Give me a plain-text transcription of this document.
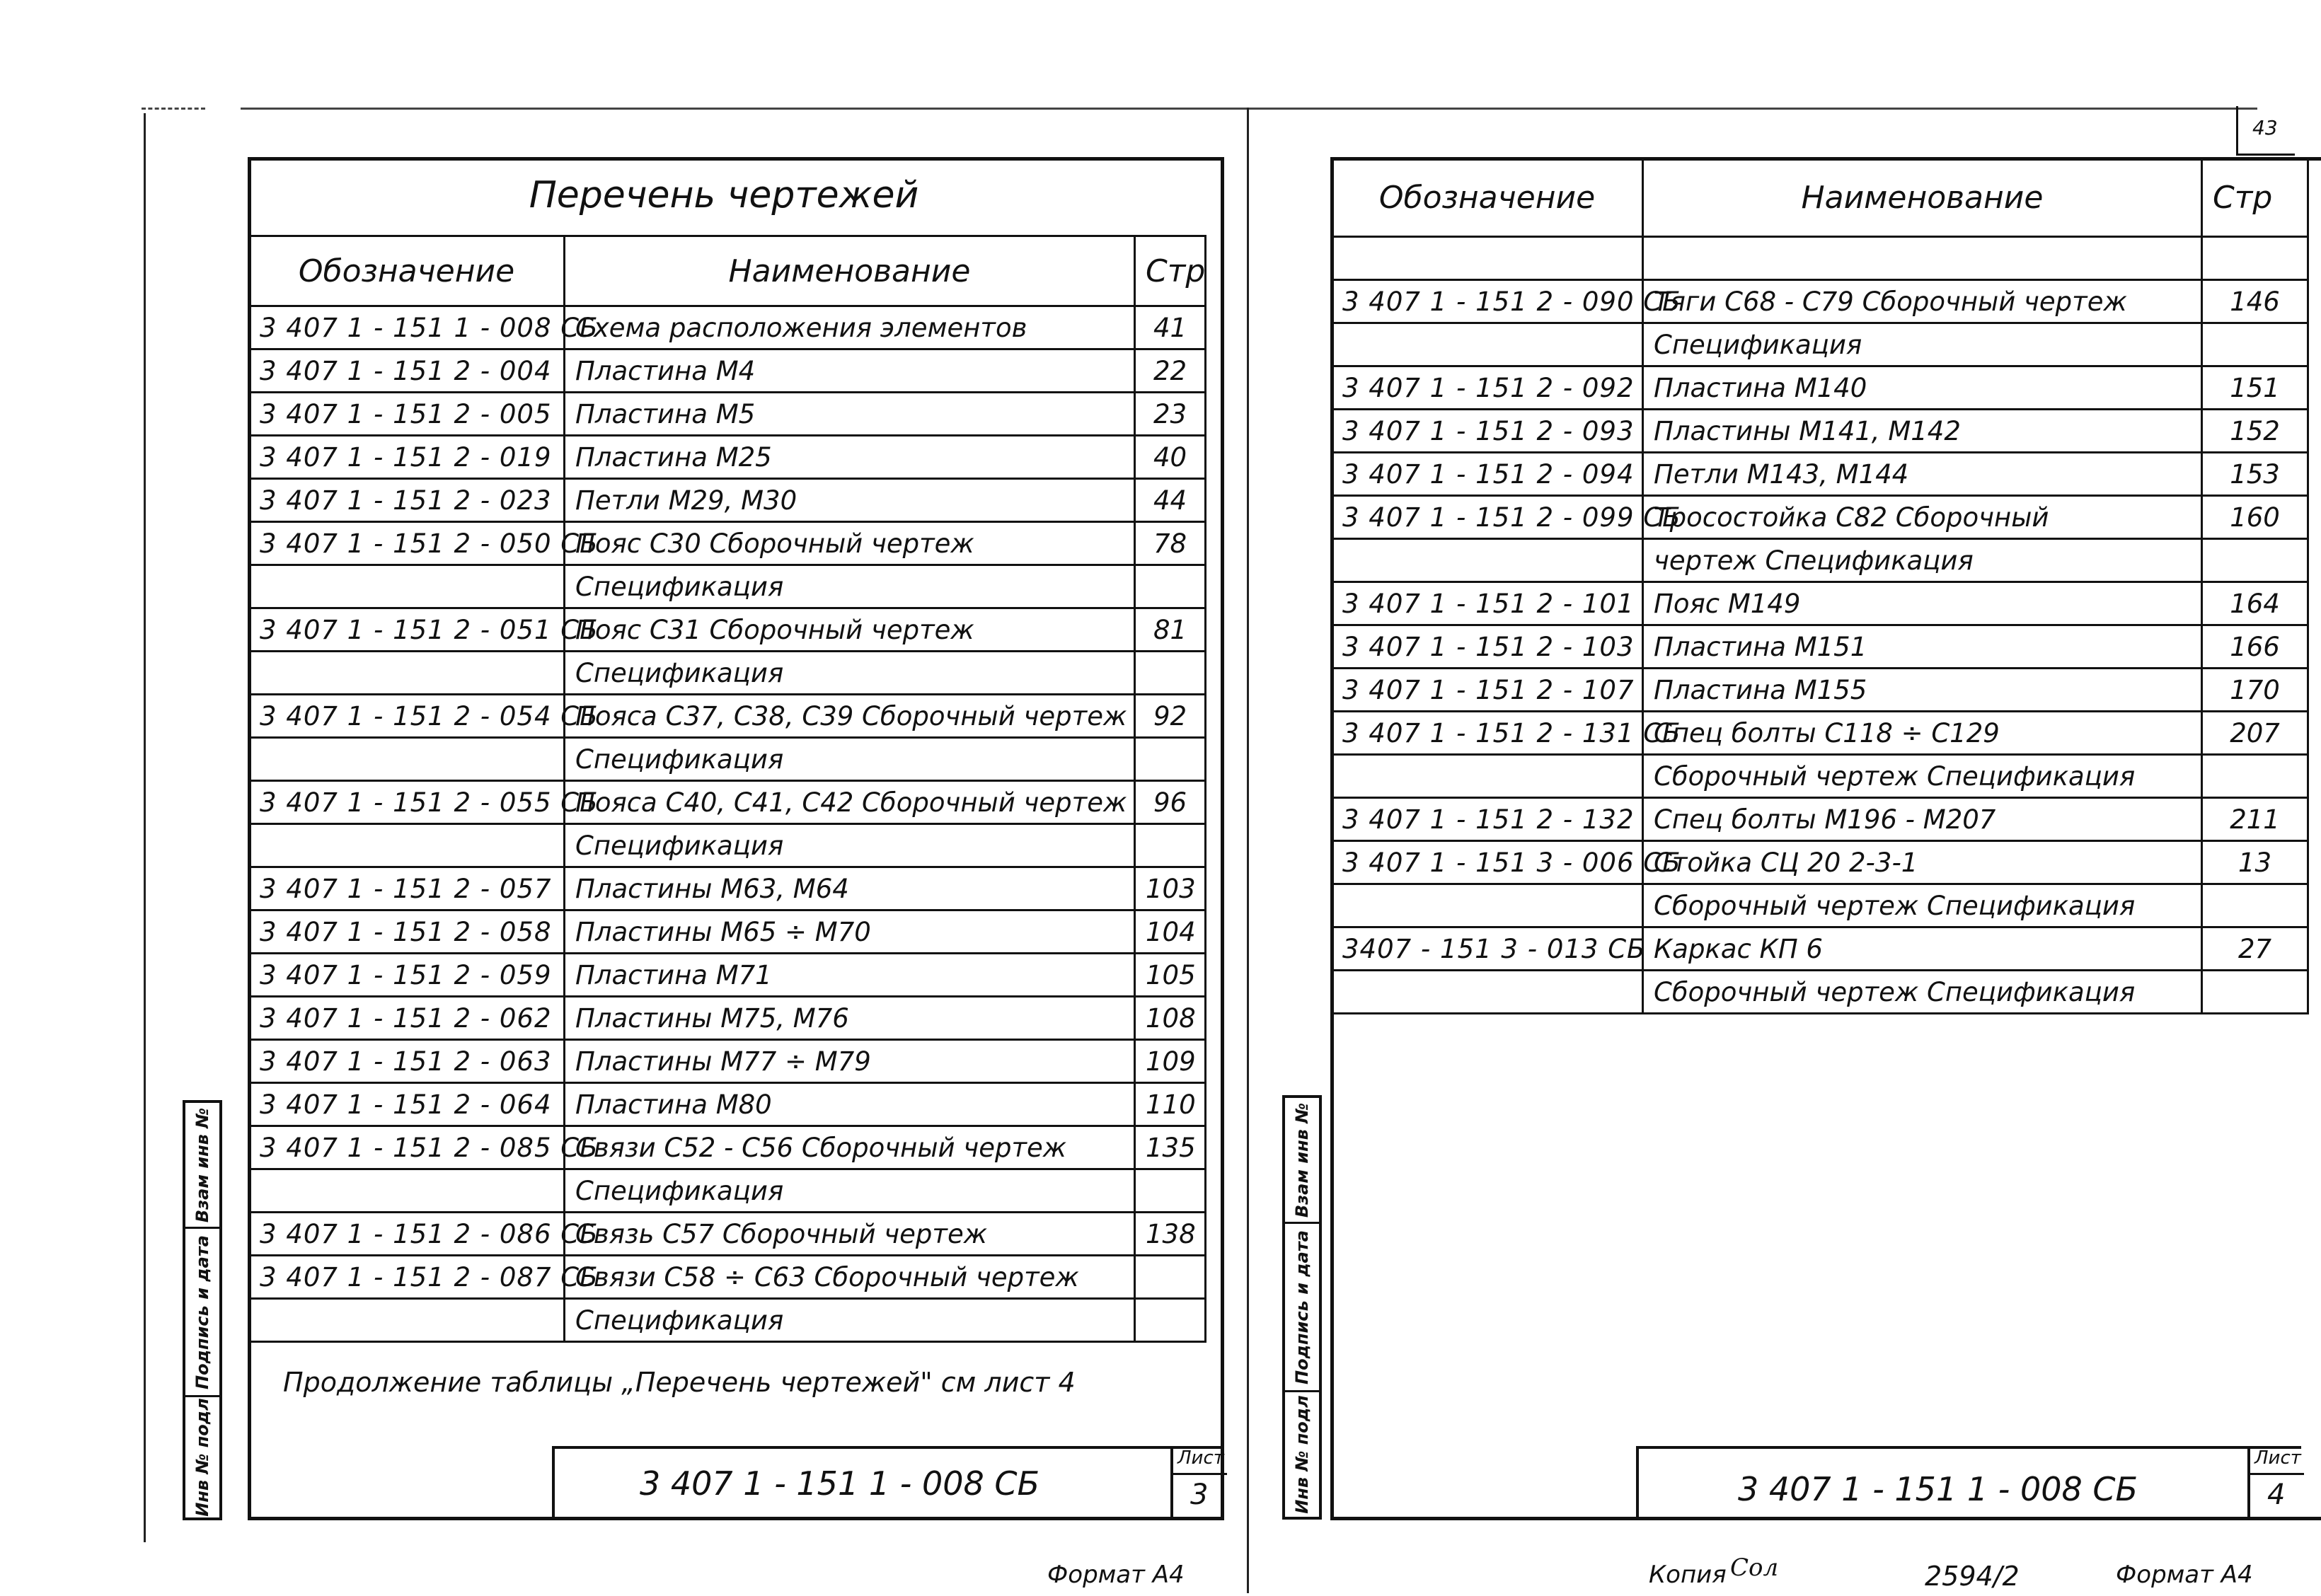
Перечень чертежей
Обозначение	Наименование	Стр
3 407 1 - 151 1 - 008 СБ	Схема расположения элементов	41
3 407 1 - 151 2 - 004	Пластина М4	22
3 407 1 - 151 2 - 005	Пластина М5	23
3 407 1 - 151 2 - 019	Пластина М25	40
3 407 1 - 151 2 - 023	Петли М29, М30	44
3 407 1 - 151 2 - 050 СБ	Пояс С30 Сборочный чертеж	78
	Спецификация	
3 407 1 - 151 2 - 051 СБ	Пояс С31 Сборочный чертеж	81
	Спецификация	
3 407 1 - 151 2 - 054 СБ	Пояса С37, С38, С39 Сборочный чертеж	92
	Спецификация	
3 407 1 - 151 2 - 055 СБ	Пояса С40, С41, С42 Сборочный чертеж	96
	Спецификация	
3 407 1 - 151 2 - 057	Пластины М63, М64	103
3 407 1 - 151 2 - 058	Пластины М65 ÷ М70	104
3 407 1 - 151 2 - 059	Пластина М71	105
3 407 1 - 151 2 - 062	Пластины М75, М76	108
3 407 1 - 151 2 - 063	Пластины М77 ÷ М79	109
3 407 1 - 151 2 - 064	Пластина М80	110
3 407 1 - 151 2 - 085 СБ	Связи С52 - С56 Сборочный чертеж	135
	Спецификация	
3 407 1 - 151 2 - 086 СБ	Связь С57 Сборочный чертеж	138
3 407 1 - 151 2 - 087 СБ	Связи С58 ÷ С63 Сборочный чертеж	
	Спецификация	
Продолжение таблицы „Перечень чертежей" см лист 4
3 407 1 - 151 1 - 008 СБ
Лист
3
Взам инв №
Подпись и дата
Инв № подл
Формат А4
43
Обозначение	Наименование	Стр

3 407 1 - 151 2 - 090 СБ	Тяги С68 - С79 Сборочный чертеж	146
	Спецификация	
3 407 1 - 151 2 - 092	Пластина М140	151
3 407 1 - 151 2 - 093	Пластины М141, М142	152
3 407 1 - 151 2 - 094	Петли М143, М144	153
3 407 1 - 151 2 - 099 СБ	Тросостойка С82 Сборочный	160
	чертеж Спецификация	
3 407 1 - 151 2 - 101	Пояс М149	164
3 407 1 - 151 2 - 103	Пластина М151	166
3 407 1 - 151 2 - 107	Пластина М155	170
3 407 1 - 151 2 - 131 СБ	Спец болты С118 ÷ С129	207
	Сборочный чертеж Спецификация	
3 407 1 - 151 2 - 132	Спец болты М196 - М207	211
3 407 1 - 151 3 - 006 СБ	Стойка СЦ 20 2-3-1	13
	Сборочный чертеж Спецификация	
3407 - 151 3 - 013 СБ	Каркас КП 6	27
	Сборочный чертеж Спецификация	
3 407 1 - 151 1 - 008 СБ
Лист
4
Взам инв №
Подпись и дата
Инв № подл
Копия Сол	2594/2	Формат А4
